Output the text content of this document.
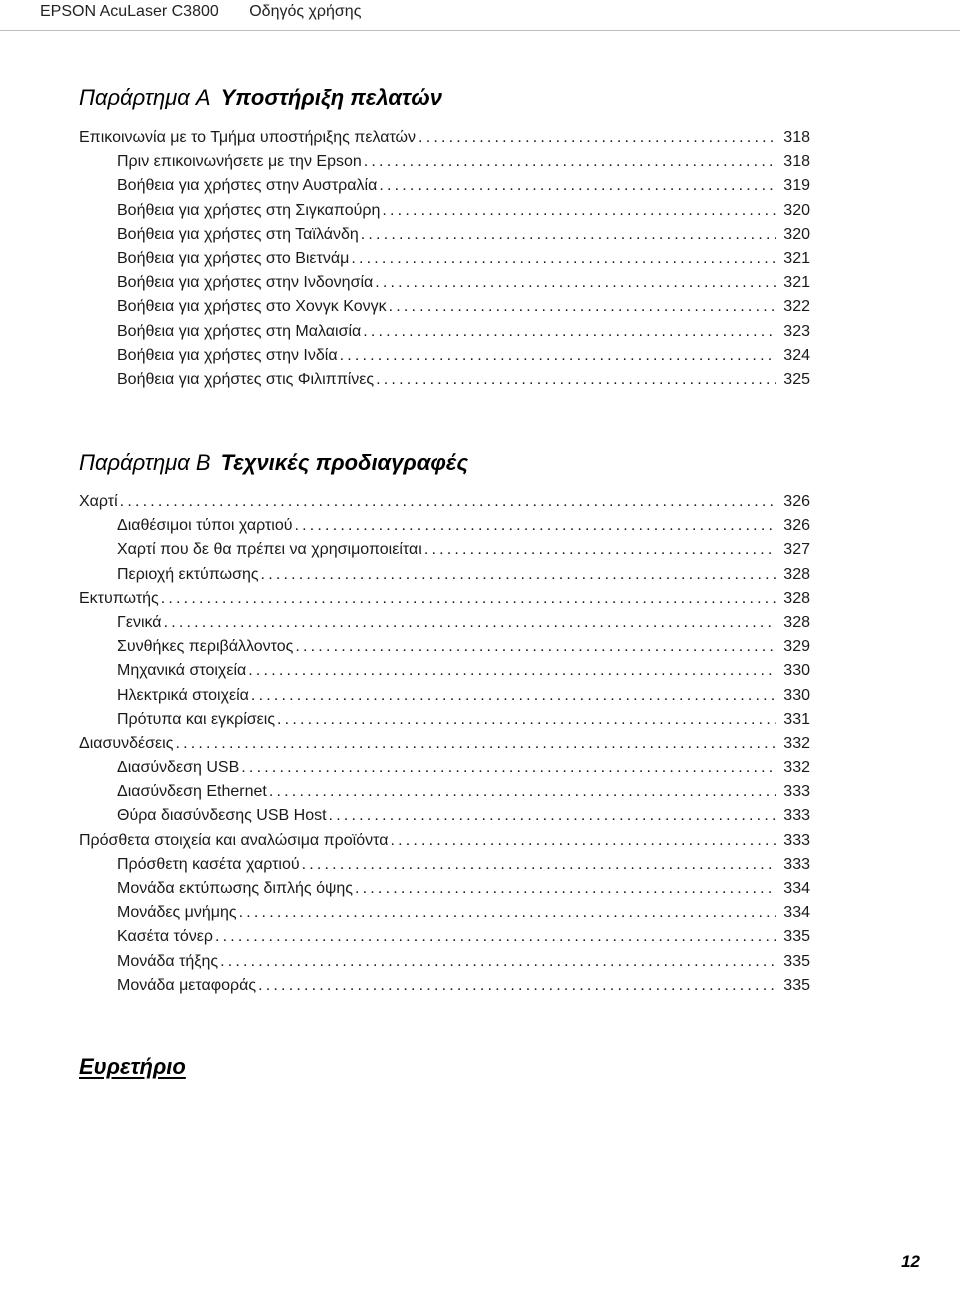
EPSON AcuLaser C3800 Οδηγός χρήσης
Παράρτημα A Υποστήριξη πελατών
Επικοινωνία με το Τμήμα υποστήριξης πελατών .....	318
Πριν επικοινωνήσετε με την Epson .....	318
Βοήθεια για χρήστες στην Αυστραλία .....	319
Βοήθεια για χρήστες στη Σιγκαπούρη .....	320
Βοήθεια για χρήστες στη Ταϊλάνδη .....	320
Βοήθεια για χρήστες στο Βιετνάμ .....	321
Βοήθεια για χρήστες στην Ινδονησία .....	321
Βοήθεια για χρήστες στο Χονγκ Κονγκ .....	322
Βοήθεια για χρήστες στη Μαλαισία .....	323
Βοήθεια για χρήστες στην Ινδία .....	324
Βοήθεια για χρήστες στις Φιλιππίνες .....	325
Παράρτημα B Τεχνικές προδιαγραφές
Χαρτί .....	326
Διαθέσιμοι τύποι χαρτιού .....	326
Χαρτί που δε θα πρέπει να χρησιμοποιείται .....	327
Περιοχή εκτύπωσης .....	328
Εκτυπωτής .....	328
Γενικά .....	328
Συνθήκες περιβάλλοντος .....	329
Μηχανικά στοιχεία .....	330
Ηλεκτρικά στοιχεία .....	330
Πρότυπα και εγκρίσεις .....	331
Διασυνδέσεις .....	332
Διασύνδεση USB .....	332
Διασύνδεση Ethernet .....	333
Θύρα διασύνδεσης USB Host .....	333
Πρόσθετα στοιχεία και αναλώσιμα προϊόντα .....	333
Πρόσθετη κασέτα χαρτιού .....	333
Μονάδα εκτύπωσης διπλής όψης .....	334
Μονάδες μνήμης .....	334
Κασέτα τόνερ .....	335
Μονάδα τήξης .....	335
Μονάδα μεταφοράς .....	335
Ευρετήριο
12
